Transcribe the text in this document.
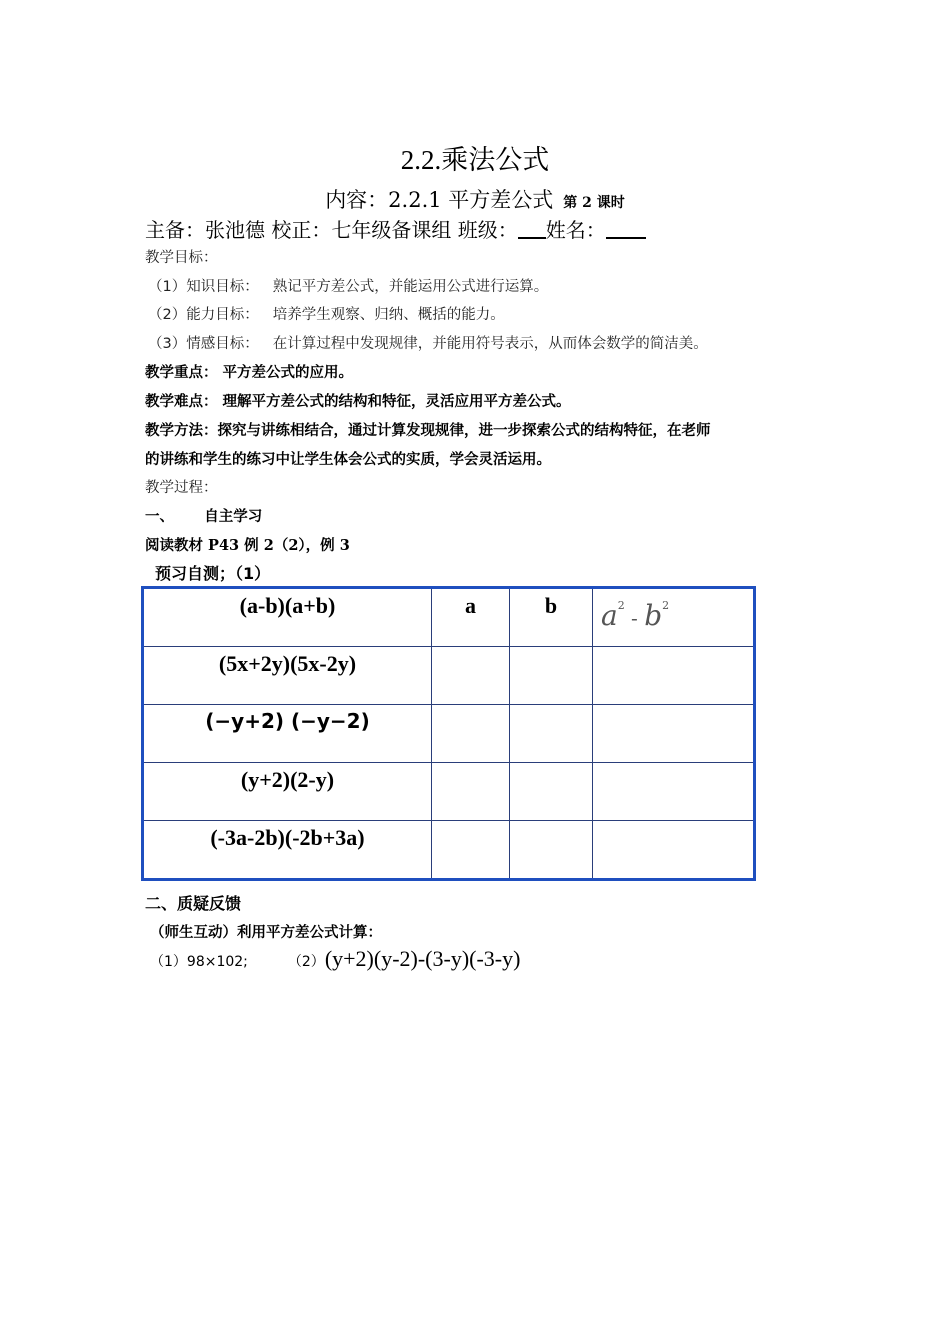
2.2.乘法公式
内容：2.2.1 平方差公式 第 2 课时
主备：张池德 校正：七年级备课组 班级： 姓名：
教学目标：
（1）知识目标： 熟记平方差公式，并能运用公式进行运算。
（2）能力目标： 培养学生观察、归纳、概括的能力。
（3）情感目标： 在计算过程中发现规律，并能用符号表示，从而体会数学的简洁美。
教学重点： 平方差公式的应用。
教学难点： 理解平方差公式的结构和特征，灵活应用平方差公式。
教学方法：探究与讲练相结合，通过计算发现规律，进一步探索公式的结构特征，在老师
的讲练和学生的练习中让学生体会公式的实质，学会灵活运用。
教学过程：
一、      自主学习
阅读教材 P43 例 2（2），例 3
预习自测；（1）
(a-b)(a+b)	a	b	$a^2 - b^2$

(5x+2y)(5x-2y)			

(−y+2) (−y−2)			

(y+2)(2-y)			

(-3a-2b)(-2b+3a)			

二、质疑反馈
（师生互动）利用平方差公式计算：
（1）98×102;	（2）(y+2)(y-2)-(3-y)(-3-y)
